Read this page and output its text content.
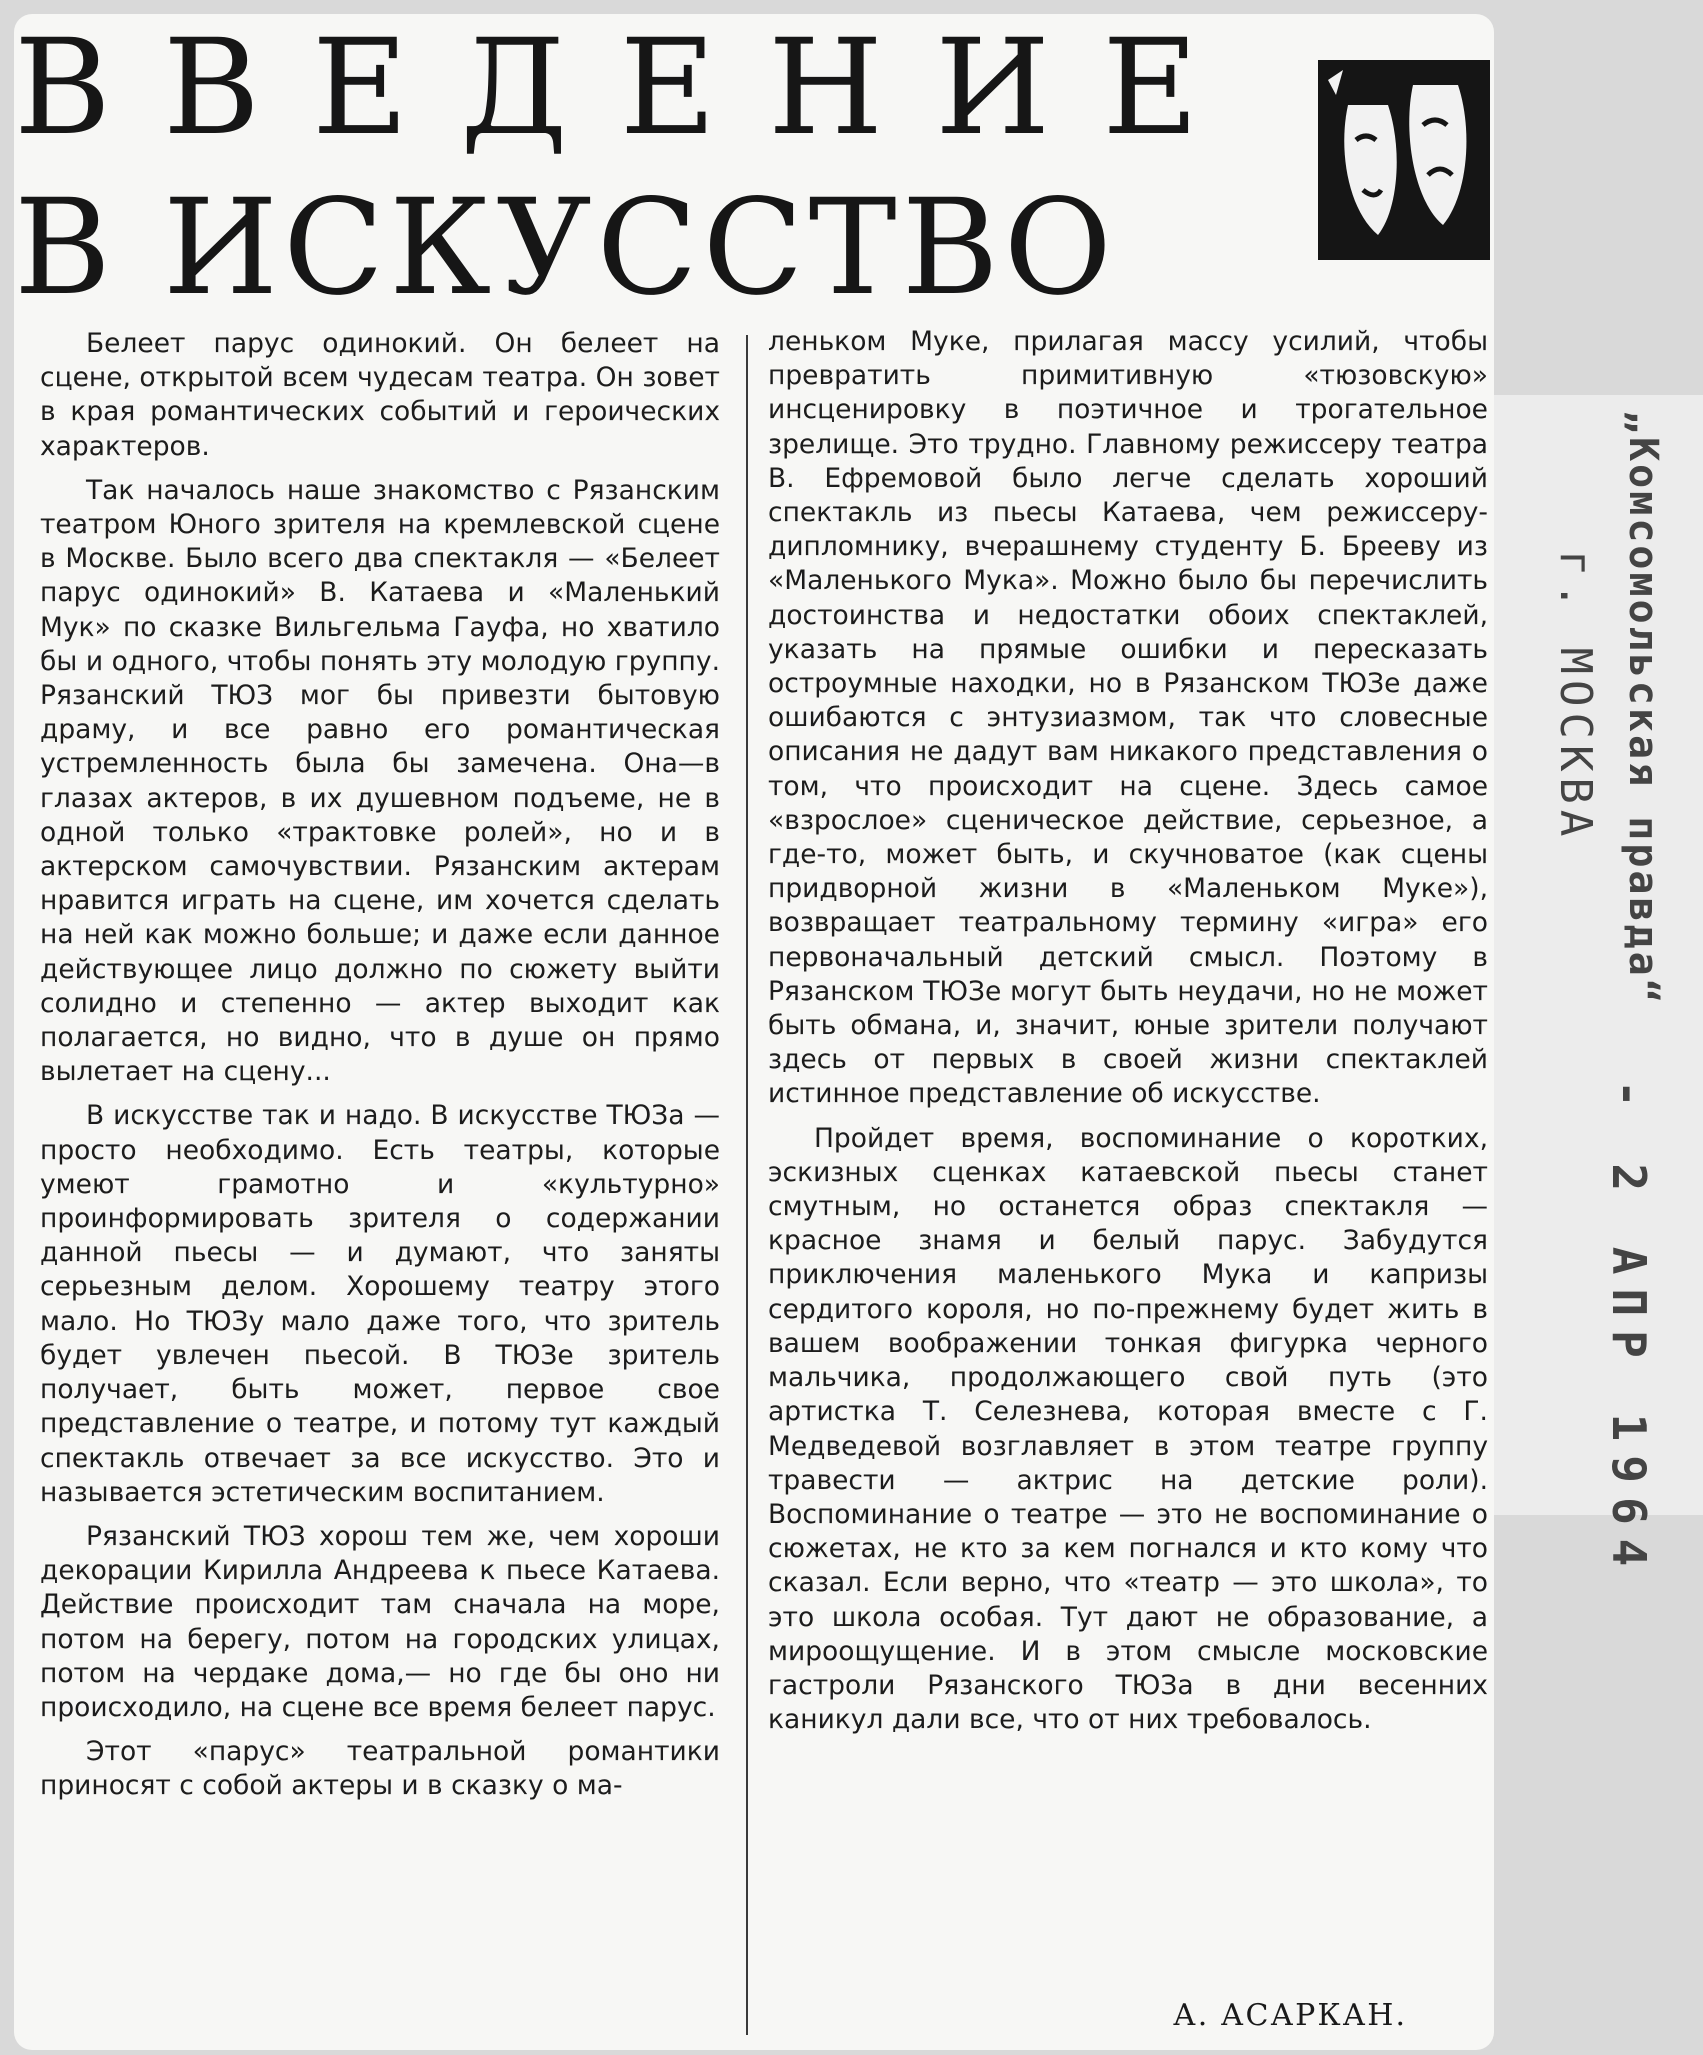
ВВЕДЕНИЕ
В ИСКУССТВО

Белеет парус одинокий. Он белеет на сцене, открытой всем чудесам театра. Он зовет в края романтических событий и героических характеров.

Так началось наше знакомство с Рязанским театром Юного зрителя на кремлевской сцене в Москве. Было всего два спектакля — «Белеет парус одинокий» В. Катаева и «Маленький Мук» по сказке Вильгельма Гауфа, но хватило бы и одного, чтобы понять эту молодую группу. Рязанский ТЮЗ мог бы привезти бытовую драму, и все равно его романтическая устремленность была бы замечена. Она—в глазах актеров, в их душевном подъеме, не в одной только «трактовке ролей», но и в актерском самочувствии. Рязанским актерам нравится играть на сцене, им хочется сделать на ней как можно больше; и даже если данное действующее лицо должно по сюжету выйти солидно и степенно — актер выходит как полагается, но видно, что в душе он прямо вылетает на сцену...

В искусстве так и надо. В искусстве ТЮЗа — просто необходимо. Есть театры, которые умеют грамотно и «культурно» проинформировать зрителя о содержании данной пьесы — и думают, что заняты серьезным делом. Хорошему театру этого мало. Но ТЮЗу мало даже того, что зритель будет увлечен пьесой. В ТЮЗе зритель получает, быть может, первое свое представление о театре, и потому тут каждый спектакль отвечает за все искусство. Это и называется эстетическим воспитанием.

Рязанский ТЮЗ хорош тем же, чем хороши декорации Кирилла Андреева к пьесе Катаева. Действие происходит там сначала на море, потом на берегу, потом на городских улицах, потом на чердаке дома,— но где бы оно ни происходило, на сцене все время белеет парус.

Этот «парус» театральной романтики приносят с собой актеры и в сказку о ма-

леньком Муке, прилагая массу усилий, чтобы превратить примитивную «тюзовскую» инсценировку в поэтичное и трогательное зрелище. Это трудно. Главному режиссеру театра В. Ефремовой было легче сделать хороший спектакль из пьесы Катаева, чем режиссеру-дипломнику, вчерашнему студенту Б. Брееву из «Маленького Мука». Можно было бы перечислить достоинства и недостатки обоих спектаклей, указать на прямые ошибки и пересказать остроумные находки, но в Рязанском ТЮЗе даже ошибаются с энтузиазмом, так что словесные описания не дадут вам никакого представления о том, что происходит на сцене. Здесь самое «взрослое» сценическое действие, серьезное, а где-то, может быть, и скучноватое (как сцены придворной жизни в «Маленьком Муке»), возвращает театральному термину «игра» его первоначальный детский смысл. Поэтому в Рязанском ТЮЗе могут быть неудачи, но не может быть обмана, и, значит, юные зрители получают здесь от первых в своей жизни спектаклей истинное представление об искусстве.

Пройдет время, воспоминание о коротких, эскизных сценках катаевской пьесы станет смутным, но останется образ спектакля — красное знамя и белый парус. Забудутся приключения маленького Мука и капризы сердитого короля, но по-прежнему будет жить в вашем воображении тонкая фигурка черного мальчика, продолжающего свой путь (это артистка Т. Селезнева, которая вместе с Г. Медведевой возглавляет в этом театре группу травести — актрис на детские роли). Воспоминание о театре — это не воспоминание о сюжетах, не кто за кем погнался и кто кому что сказал. Если верно, что «театр — это школа», то это школа особая. Тут дают не образование, а мироощущение. И в этом смысле московские гастроли Рязанского ТЮЗа в дни весенних каникул дали все, что от них требовалось.

А. АСАРКАН.
„Комсомольская правда“
г. МОСКВА
- 2 АПР 1964
